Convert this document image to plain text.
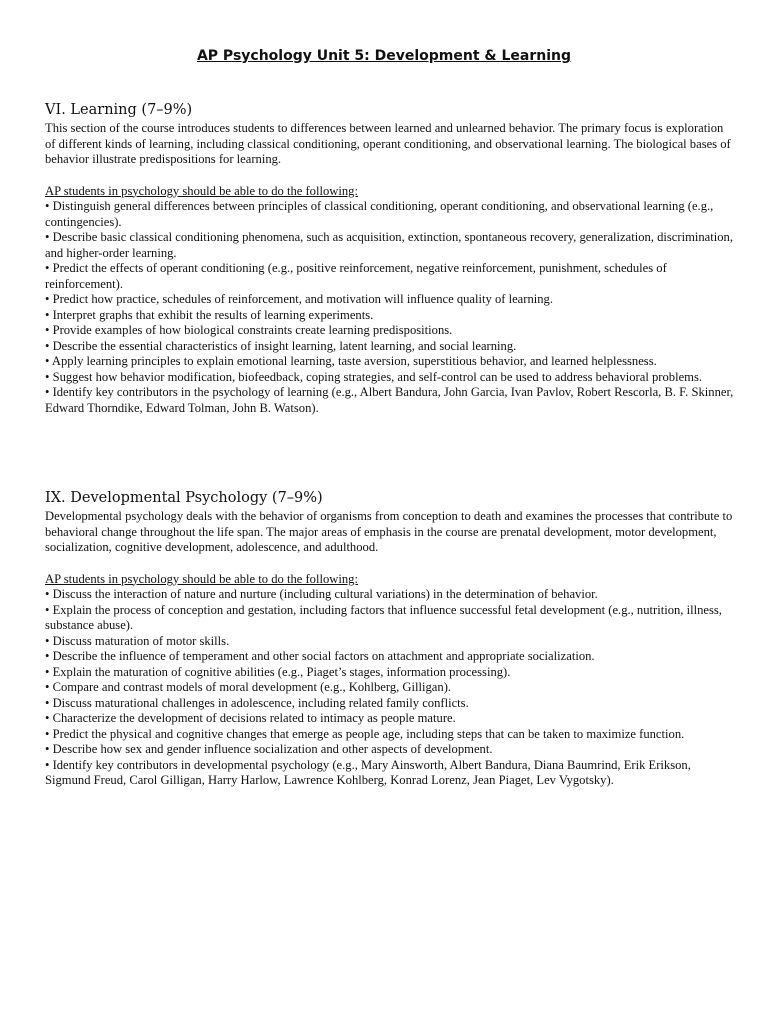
AP Psychology Unit 5: Development & Learning
VI. Learning (7–9%)

This section of the course introduces students to differences between learned and unlearned behavior. The primary focus is exploration of different kinds of learning, including classical conditioning, operant conditioning, and observational learning. The biological bases of behavior illustrate predispositions for learning.

AP students in psychology should be able to do the following:

• Distinguish general differences between principles of classical conditioning, operant conditioning, and observational learning (e.g., contingencies).
• Describe basic classical conditioning phenomena, such as acquisition, extinction, spontaneous recovery, generalization, discrimination, and higher-order learning.
• Predict the effects of operant conditioning (e.g., positive reinforcement, negative reinforcement, punishment, schedules of reinforcement).
• Predict how practice, schedules of reinforcement, and motivation will influence quality of learning.
• Interpret graphs that exhibit the results of learning experiments.
• Provide examples of how biological constraints create learning predispositions.
• Describe the essential characteristics of insight learning, latent learning, and social learning.
• Apply learning principles to explain emotional learning, taste aversion, superstitious behavior, and learned helplessness.
• Suggest how behavior modification, biofeedback, coping strategies, and self-control can be used to address behavioral problems.
• Identify key contributors in the psychology of learning (e.g., Albert Bandura, John Garcia, Ivan Pavlov, Robert Rescorla, B. F. Skinner, Edward Thorndike, Edward Tolman, John B. Watson).
IX. Developmental Psychology (7–9%)

Developmental psychology deals with the behavior of organisms from conception to death and examines the processes that contribute to behavioral change throughout the life span. The major areas of emphasis in the course are prenatal development, motor development, socialization, cognitive development, adolescence, and adulthood.

AP students in psychology should be able to do the following:

• Discuss the interaction of nature and nurture (including cultural variations) in the determination of behavior.
• Explain the process of conception and gestation, including factors that influence successful fetal development (e.g., nutrition, illness, substance abuse).
• Discuss maturation of motor skills.
• Describe the influence of temperament and other social factors on attachment and appropriate socialization.
• Explain the maturation of cognitive abilities (e.g., Piaget’s stages, information processing).
• Compare and contrast models of moral development (e.g., Kohlberg, Gilligan).
• Discuss maturational challenges in adolescence, including related family conflicts.
• Characterize the development of decisions related to intimacy as people mature.
• Predict the physical and cognitive changes that emerge as people age, including steps that can be taken to maximize function.
• Describe how sex and gender influence socialization and other aspects of development.
• Identify key contributors in developmental psychology (e.g., Mary Ainsworth, Albert Bandura, Diana Baumrind, Erik Erikson, Sigmund Freud, Carol Gilligan, Harry Harlow, Lawrence Kohlberg, Konrad Lorenz, Jean Piaget, Lev Vygotsky).
